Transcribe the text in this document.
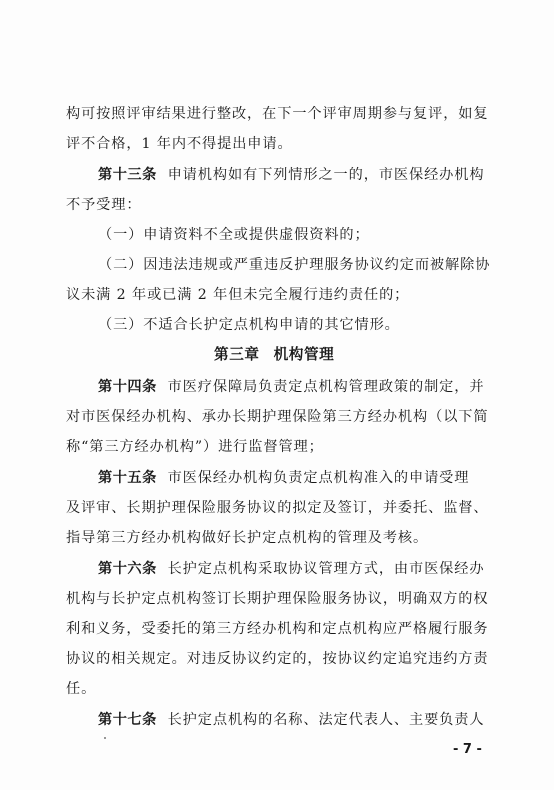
构可按照评审结果进行整改，在下一个评审周期参与复评，如复
评不合格，1 年内不得提出申请。
第十三条 申请机构如有下列情形之一的，市医保经办机构
不予受理：
（一）申请资料不全或提供虚假资料的；
（二）因违法违规或严重违反护理服务协议约定而被解除协
议未满 2 年或已满 2 年但未完全履行违约责任的；
（三）不适合长护定点机构申请的其它情形。
第三章 机构管理
第十四条 市医疗保障局负责定点机构管理政策的制定，并
对市医保经办机构、承办长期护理保险第三方经办机构（以下简
称“第三方经办机构”）进行监督管理；
第十五条 市医保经办机构负责定点机构准入的申请受理
及评审、长期护理保险服务协议的拟定及签订，并委托、监督、
指导第三方经办机构做好长护定点机构的管理及考核。
第十六条 长护定点机构采取协议管理方式，由市医保经办
机构与长护定点机构签订长期护理保险服务协议，明确双方的权
利和义务，受委托的第三方经办机构和定点机构应严格履行服务
协议的相关规定。对违反协议约定的，按协议约定追究违约方责
任。
第十七条 长护定点机构的名称、法定代表人、主要负责人
- 7 -
